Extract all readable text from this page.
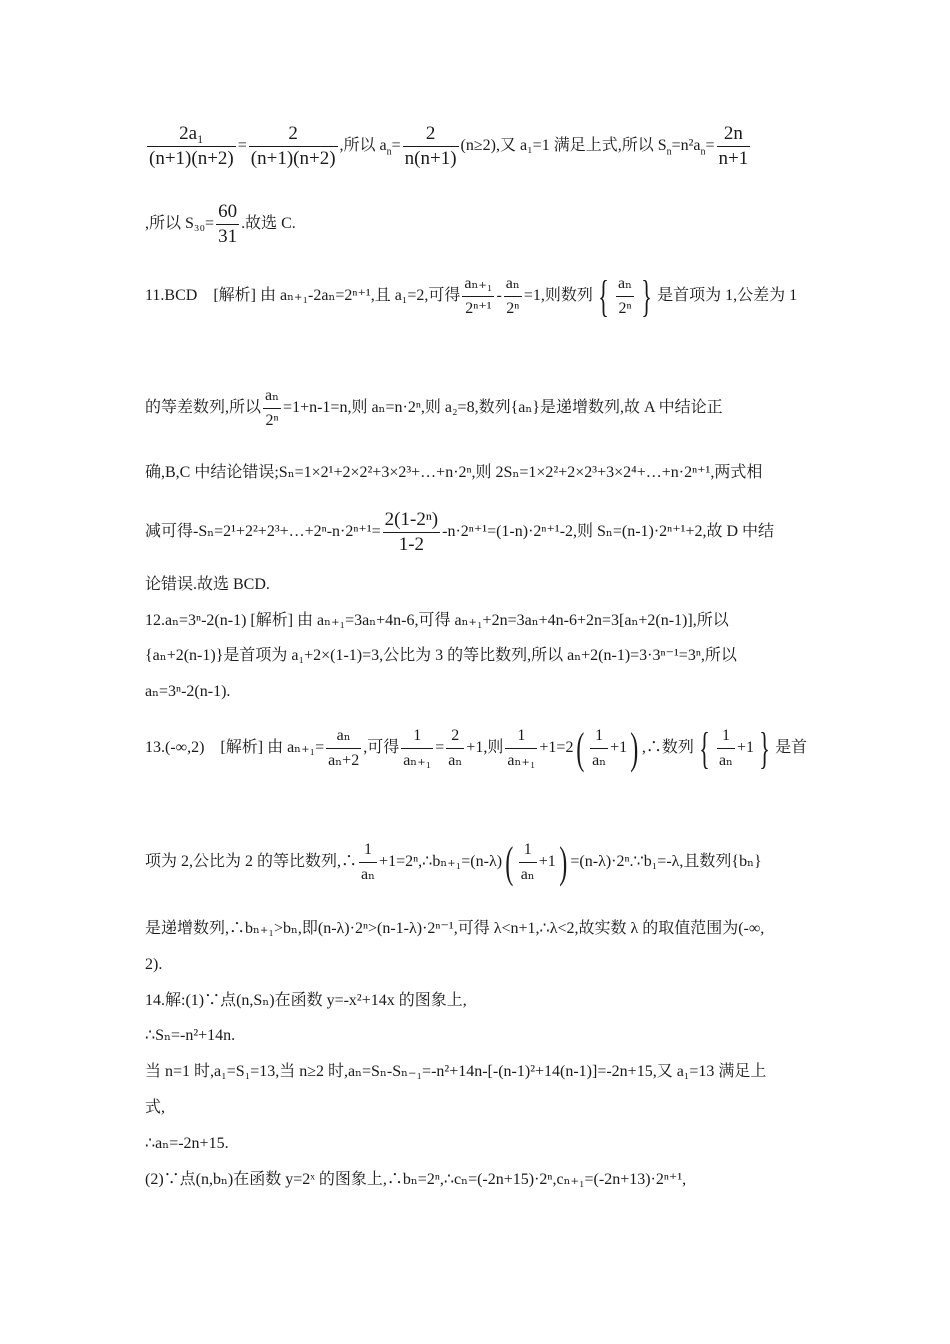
$\frac{\text{2a₁}}{(n+1)(n+2)} = \frac{2}{(n+1)(n+2)}$ ,所以 $a_n= \frac{2}{n(n+1)} (n\ge 2)$,又 a₁=1 满足上式,所以 $S_n=n^2a_n= \frac{2n}{n+1}$
,所以 $S_{30}= \frac{60}{31}$ .故选 C.
11.BCD [解析] 由 aₙ₊₁-2aₙ=2ⁿ⁺¹,且 a₁=2,可得 $\frac{\text{aₙ₊₁}}{\text{2ⁿ⁺¹}} - \frac{\text{aₙ}}{\text{2ⁿ}} =1$,则数列 { $\frac{\text{aₙ}}{\text{2ⁿ}}$ } 是首项为 1,公差为 1
的等差数列,所以 $\frac{\text{aₙ}}{\text{2ⁿ}} =1+n-1=n$,则 aₙ=n·2ⁿ,则 a₂=8,数列{aₙ}是递增数列,故 A 中结论正
确,B,C 中结论错误;Sₙ=1×2¹+2×2²+3×2³+…+n·2ⁿ,则 2Sₙ=1×2²+2×2³+3×2⁴+…+n·2ⁿ⁺¹,两式相
减可得-Sₙ=2¹+2²+2³+…+2ⁿ-n·2ⁿ⁺¹= $\frac{\text{2(1-2ⁿ)}}{1-2} -n\cdot 2^{n+1}=(1-n)\cdot 2^{n+1}-2$,则 Sₙ=(n-1)·2ⁿ⁺¹+2,故 D 中结
论错误.故选 BCD.
12.aₙ=3ⁿ-2(n-1) [解析] 由 aₙ₊₁=3aₙ+4n-6,可得 aₙ₊₁+2n=3aₙ+4n-6+2n=3[aₙ+2(n-1)],所以
{aₙ+2(n-1)}是首项为 a₁+2×(1-1)=3,公比为 3 的等比数列,所以 aₙ+2(n-1)=3·3ⁿ⁻¹=3ⁿ,所以
aₙ=3ⁿ-2(n-1).
13.(-∞,2) [解析] 由 $a_{n+1}= \frac{\text{aₙ}}{\text{aₙ+2}}$ ,可得 $\frac{1}{\text{aₙ₊₁}} = \frac{2}{\text{aₙ}} +1$,则 $\frac{1}{\text{aₙ₊₁}} +1=2( \frac{1}{\text{aₙ}} +1)$ ,∴数列 { $\frac{1}{\text{aₙ}} +1$ } 是首
项为 2,公比为 2 的等比数列,∴ $\frac{1}{\text{aₙ}}$ +1=2ⁿ,∴bₙ₊₁=(n-λ)( $\frac{1}{\text{aₙ}} +1$) =(n-λ)·2ⁿ.∵b₁=-λ,且数列{bₙ}
是递增数列,∴bₙ₊₁>bₙ,即(n-λ)·2ⁿ>(n-1-λ)·2ⁿ⁻¹,可得 λ<n+1,∴λ<2,故实数 λ 的取值范围为(-∞,
2).
14.解:(1)∵点(n,Sₙ)在函数 y=-x²+14x 的图象上,
∴Sₙ=-n²+14n.
当 n=1 时,a₁=S₁=13,当 n≥2 时,aₙ=Sₙ-Sₙ₋₁=-n²+14n-[-(n-1)²+14(n-1)]=-2n+15,又 a₁=13 满足上
式,
∴aₙ=-2n+15.
(2)∵点(n,bₙ)在函数 y=2ˣ 的图象上,∴bₙ=2ⁿ,∴cₙ=(-2n+15)·2ⁿ,cₙ₊₁=(-2n+13)·2ⁿ⁺¹,
